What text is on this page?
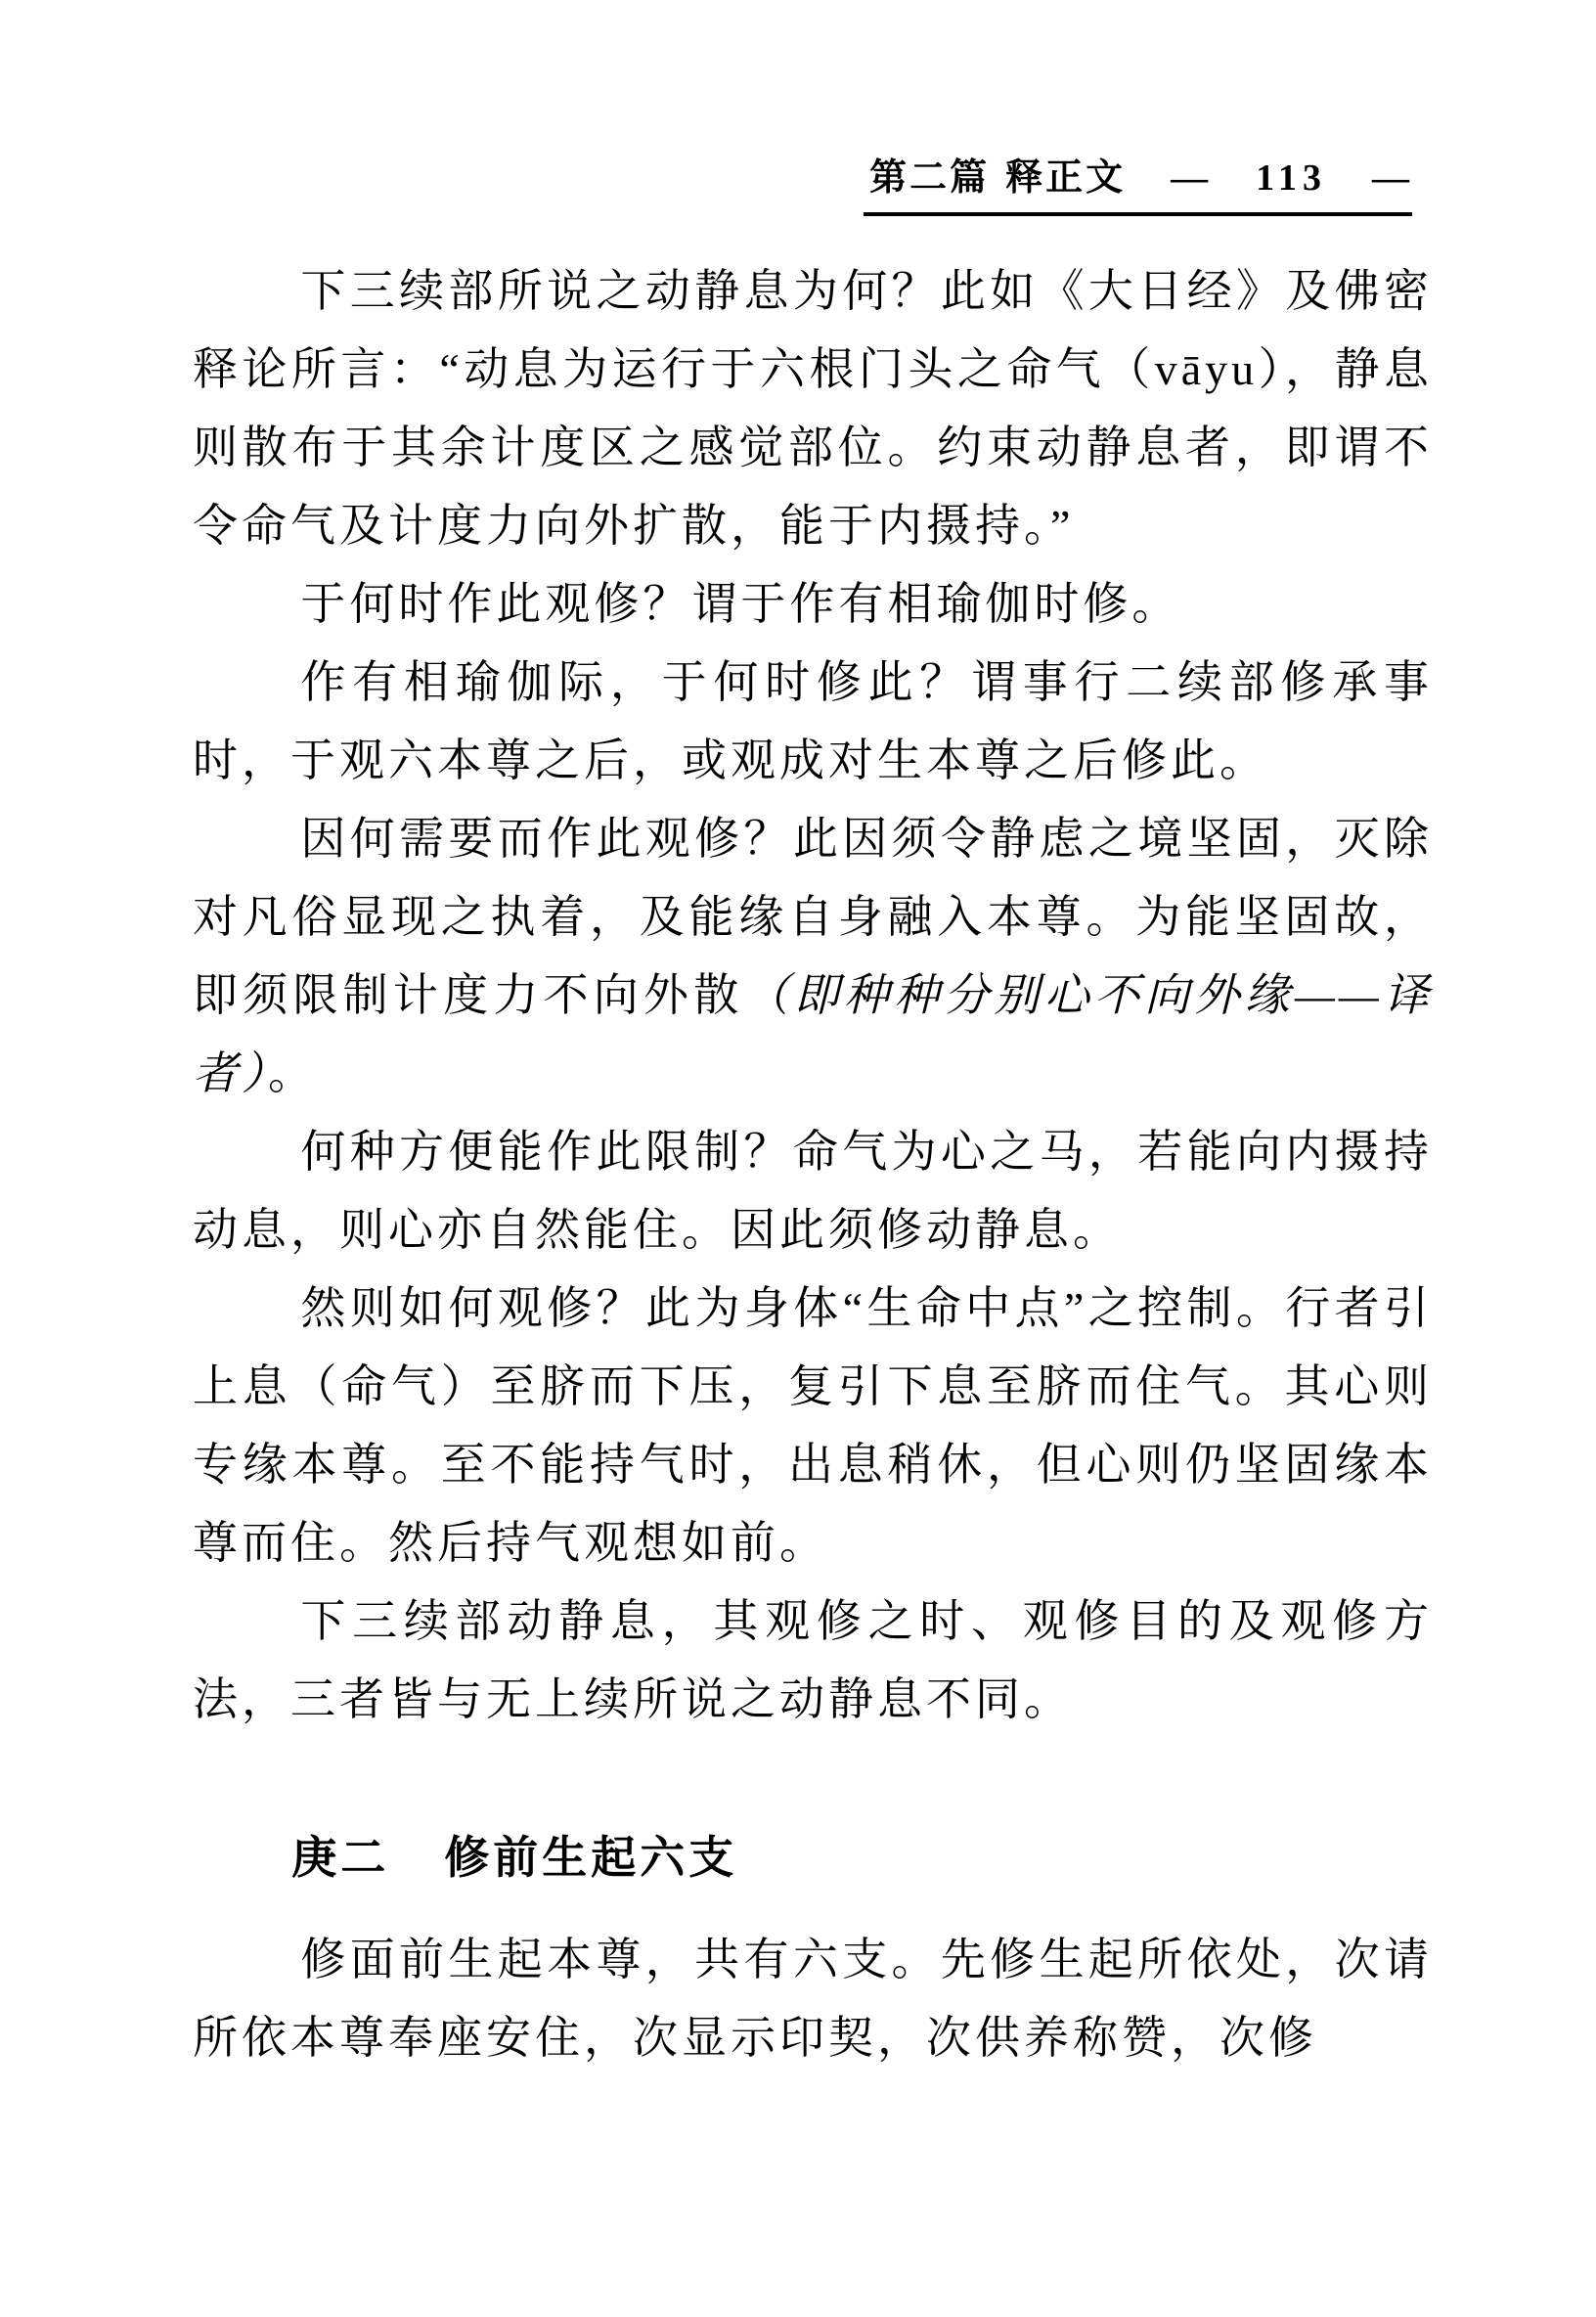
第二篇 释正文 — 113 —

下三续部所说之动静息为何？此如《大日经》及佛密释论所言：“动息为运行于六根门头之命气（vāyu），静息则散布于其余计度区之感觉部位。约束动静息者，即谓不令命气及计度力向外扩散，能于内摄持。”

于何时作此观修？谓于作有相瑜伽时修。

作有相瑜伽际，于何时修此？谓事行二续部修承事时，于观六本尊之后，或观成对生本尊之后修此。

因何需要而作此观修？此因须令静虑之境坚固，灭除对凡俗显现之执着，及能缘自身融入本尊。为能坚固故，即须限制计度力不向外散（即种种分别心不向外缘——译者）。

何种方便能作此限制？命气为心之马，若能向内摄持动息，则心亦自然能住。因此须修动静息。

然则如何观修？此为身体“生命中点”之控制。行者引上息（命气）至脐而下压，复引下息至脐而住气。其心则专缘本尊。至不能持气时，出息稍休，但心则仍坚固缘本尊而住。然后持气观想如前。

下三续部动静息，其观修之时、观修目的及观修方法，三者皆与无上续所说之动静息不同。

庚二 修前生起六支

修面前生起本尊，共有六支。先修生起所依处，次请所依本尊奉座安住，次显示印契，次供养称赞，次修
